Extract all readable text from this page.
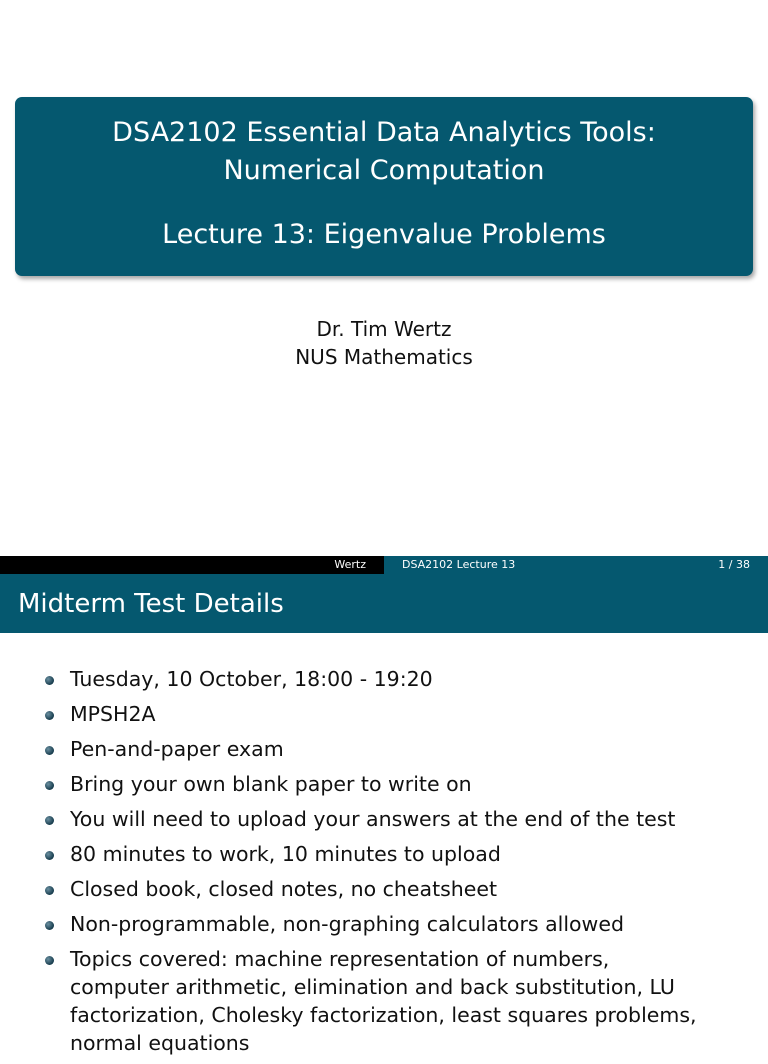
DSA2102 Essential Data Analytics Tools:
Numerical Computation
Lecture 13: Eigenvalue Problems
Dr. Tim Wertz
NUS Mathematics
Wertz	DSA2102 Lecture 13	1 / 38
Midterm Test Details
Tuesday, 10 October, 18:00 - 19:20
MPSH2A
Pen-and-paper exam
Bring your own blank paper to write on
You will need to upload your answers at the end of the test
80 minutes to work, 10 minutes to upload
Closed book, closed notes, no cheatsheet
Non-programmable, non-graphing calculators allowed
Topics covered: machine representation of numbers, computer arithmetic, elimination and back substitution, LU factorization, Cholesky factorization, least squares problems, normal equations
